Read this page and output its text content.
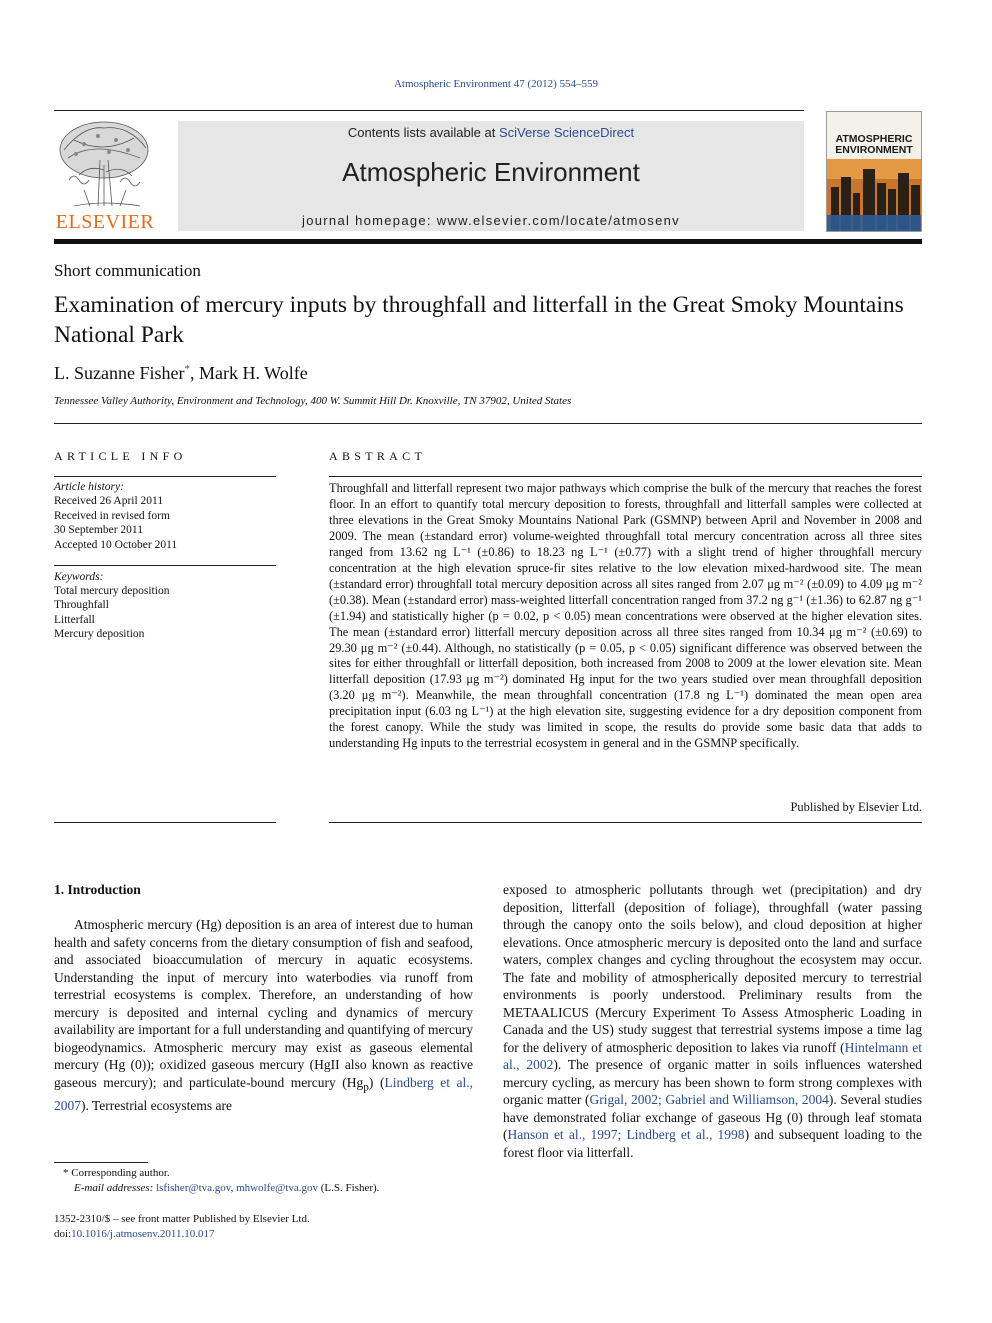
Atmospheric Environment 47 (2012) 554–559
ELSEVIER
Contents lists available at SciVerse ScienceDirect
Atmospheric Environment
journal homepage: www.elsevier.com/locate/atmosenv
ATMOSPHERIC
ENVIRONMENT
Short communication
Examination of mercury inputs by throughfall and litterfall in the Great Smoky Mountains National Park
L. Suzanne Fisher*, Mark H. Wolfe
Tennessee Valley Authority, Environment and Technology, 400 W. Summit Hill Dr. Knoxville, TN 37902, United States
ARTICLE INFO
Article history:
Received 26 April 2011
Received in revised form
30 September 2011
Accepted 10 October 2011
Keywords:
Total mercury deposition
Throughfall
Litterfall
Mercury deposition
ABSTRACT
Throughfall and litterfall represent two major pathways which comprise the bulk of the mercury that reaches the forest floor. In an effort to quantify total mercury deposition to forests, throughfall and litterfall samples were collected at three elevations in the Great Smoky Mountains National Park (GSMNP) between April and November in 2008 and 2009. The mean (±standard error) volume-weighted throughfall total mercury concentration across all three sites ranged from 13.62 ng L⁻¹ (±0.86) to 18.23 ng L⁻¹ (±0.77) with a slight trend of higher throughfall mercury concentration at the high elevation spruce-fir sites relative to the low elevation mixed-hardwood site. The mean (±standard error) throughfall total mercury deposition across all sites ranged from 2.07 μg m⁻² (±0.09) to 4.09 μg m⁻² (±0.38). Mean (±standard error) mass-weighted litterfall concentration ranged from 37.2 ng g⁻¹ (±1.36) to 62.87 ng g⁻¹ (±1.94) and statistically higher (p = 0.02, p < 0.05) mean concentrations were observed at the higher elevation sites. The mean (±standard error) litterfall mercury deposition across all three sites ranged from 10.34 μg m⁻² (±0.69) to 29.30 μg m⁻² (±0.44). Although, no statistically (p = 0.05, p < 0.05) significant difference was observed between the sites for either throughfall or litterfall deposition, both increased from 2008 to 2009 at the lower elevation site. Mean litterfall deposition (17.93 μg m⁻²) dominated Hg input for the two years studied over mean throughfall deposition (3.20 μg m⁻²). Meanwhile, the mean throughfall concentration (17.8 ng L⁻¹) dominated the mean open area precipitation input (6.03 ng L⁻¹) at the high elevation site, suggesting evidence for a dry deposition component from the forest canopy. While the study was limited in scope, the results do provide some basic data that adds to understanding Hg inputs to the terrestrial ecosystem in general and in the GSMNP specifically.
Published by Elsevier Ltd.
1. Introduction

Atmospheric mercury (Hg) deposition is an area of interest due to human health and safety concerns from the dietary consumption of fish and seafood, and associated bioaccumulation of mercury in aquatic ecosystems. Understanding the input of mercury into waterbodies via runoff from terrestrial ecosystems is complex. Therefore, an understanding of how mercury is deposited and internal cycling and dynamics of mercury availability are important for a full understanding and quantifying of mercury biogeodynamics. Atmospheric mercury may exist as gaseous elemental mercury (Hg (0)); oxidized gaseous mercury (HgII also known as reactive gaseous mercury); and particulate-bound mercury $(Hg_p)$ (Lindberg et al., 2007). Terrestrial ecosystems are

exposed to atmospheric pollutants through wet (precipitation) and dry deposition, litterfall (deposition of foliage), throughfall (water passing through the canopy onto the soils below), and cloud deposition at higher elevations. Once atmospheric mercury is deposited onto the land and surface waters, complex changes and cycling throughout the ecosystem may occur. The fate and mobility of atmospherically deposited mercury to terrestrial environments is poorly understood. Preliminary results from the METAALICUS (Mercury Experiment To Assess Atmospheric Loading in Canada and the US) study suggest that terrestrial systems impose a time lag for the delivery of atmospheric deposition to lakes via runoff (Hintelmann et al., 2002). The presence of organic matter in soils influences watershed mercury cycling, as mercury has been shown to form strong complexes with organic matter (Grigal, 2002; Gabriel and Williamson, 2004). Several studies have demonstrated foliar exchange of gaseous Hg (0) through leaf stomata (Hanson et al., 1997; Lindberg et al., 1998) and subsequent loading to the forest floor via litterfall.

* Corresponding author.
E-mail addresses: lsfisher@tva.gov, mhwolfe@tva.gov (L.S. Fisher).
1352-2310/$ – see front matter Published by Elsevier Ltd.
doi:10.1016/j.atmosenv.2011.10.017
